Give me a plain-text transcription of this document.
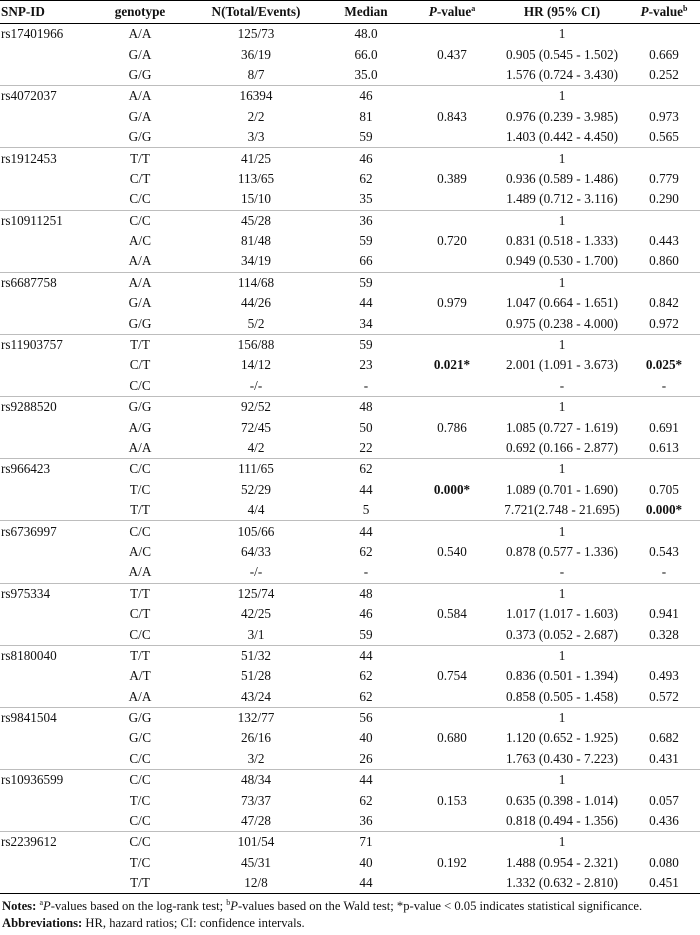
SNP-ID	genotype	N(Total/Events)	Median	P-value$^a$	HR (95% CI)	P-value$^b$
rs17401966	A/A	125/73	48.0		1	
	G/A	36/19	66.0	0.437	0.905 (0.545 - 1.502)	0.669
	G/G	8/7	35.0		1.576 (0.724 - 3.430)	0.252
rs4072037	A/A	16394	46		1	
	G/A	2/2	81	0.843	0.976 (0.239 - 3.985)	0.973
	G/G	3/3	59		1.403 (0.442 - 4.450)	0.565
rs1912453	T/T	41/25	46		1	
	C/T	113/65	62	0.389	0.936 (0.589 - 1.486)	0.779
	C/C	15/10	35		1.489 (0.712 - 3.116)	0.290
rs10911251	C/C	45/28	36		1	
	A/C	81/48	59	0.720	0.831 (0.518 - 1.333)	0.443
	A/A	34/19	66		0.949 (0.530 - 1.700)	0.860
rs6687758	A/A	114/68	59		1	
	G/A	44/26	44	0.979	1.047 (0.664 - 1.651)	0.842
	G/G	5/2	34		0.975 (0.238 - 4.000)	0.972
rs11903757	T/T	156/88	59		1	
	C/T	14/12	23	0.021*	2.001 (1.091 - 3.673)	0.025*
	C/C	-/-	-		-	-
rs9288520	G/G	92/52	48		1	
	A/G	72/45	50	0.786	1.085 (0.727 - 1.619)	0.691
	A/A	4/2	22		0.692 (0.166 - 2.877)	0.613
rs966423	C/C	111/65	62		1	
	T/C	52/29	44	0.000*	1.089 (0.701 - 1.690)	0.705
	T/T	4/4	5		7.721(2.748 - 21.695)	0.000*
rs6736997	C/C	105/66	44		1	
	A/C	64/33	62	0.540	0.878 (0.577 - 1.336)	0.543
	A/A	-/-	-		-	-
rs975334	T/T	125/74	48		1	
	C/T	42/25	46	0.584	1.017 (1.017 - 1.603)	0.941
	C/C	3/1	59		0.373 (0.052 - 2.687)	0.328
rs8180040	T/T	51/32	44		1	
	A/T	51/28	62	0.754	0.836 (0.501 - 1.394)	0.493
	A/A	43/24	62		0.858 (0.505 - 1.458)	0.572
rs9841504	G/G	132/77	56		1	
	G/C	26/16	40	0.680	1.120 (0.652 - 1.925)	0.682
	C/C	3/2	26		1.763 (0.430 - 7.223)	0.431
rs10936599	C/C	48/34	44		1	
	T/C	73/37	62	0.153	0.635 (0.398 - 1.014)	0.057
	C/C	47/28	36		0.818 (0.494 - 1.356)	0.436
rs2239612	C/C	101/54	71		1	
	T/C	45/31	40	0.192	1.488 (0.954 - 2.321)	0.080
	T/T	12/8	44		1.332 (0.632 - 2.810)	0.451

Notes: $^a$P-values based on the log-rank test; $^b$P-values based on the Wald test; *p-value < 0.05 indicates statistical significance.

Abbreviations: HR, hazard ratios; CI: confidence intervals.
